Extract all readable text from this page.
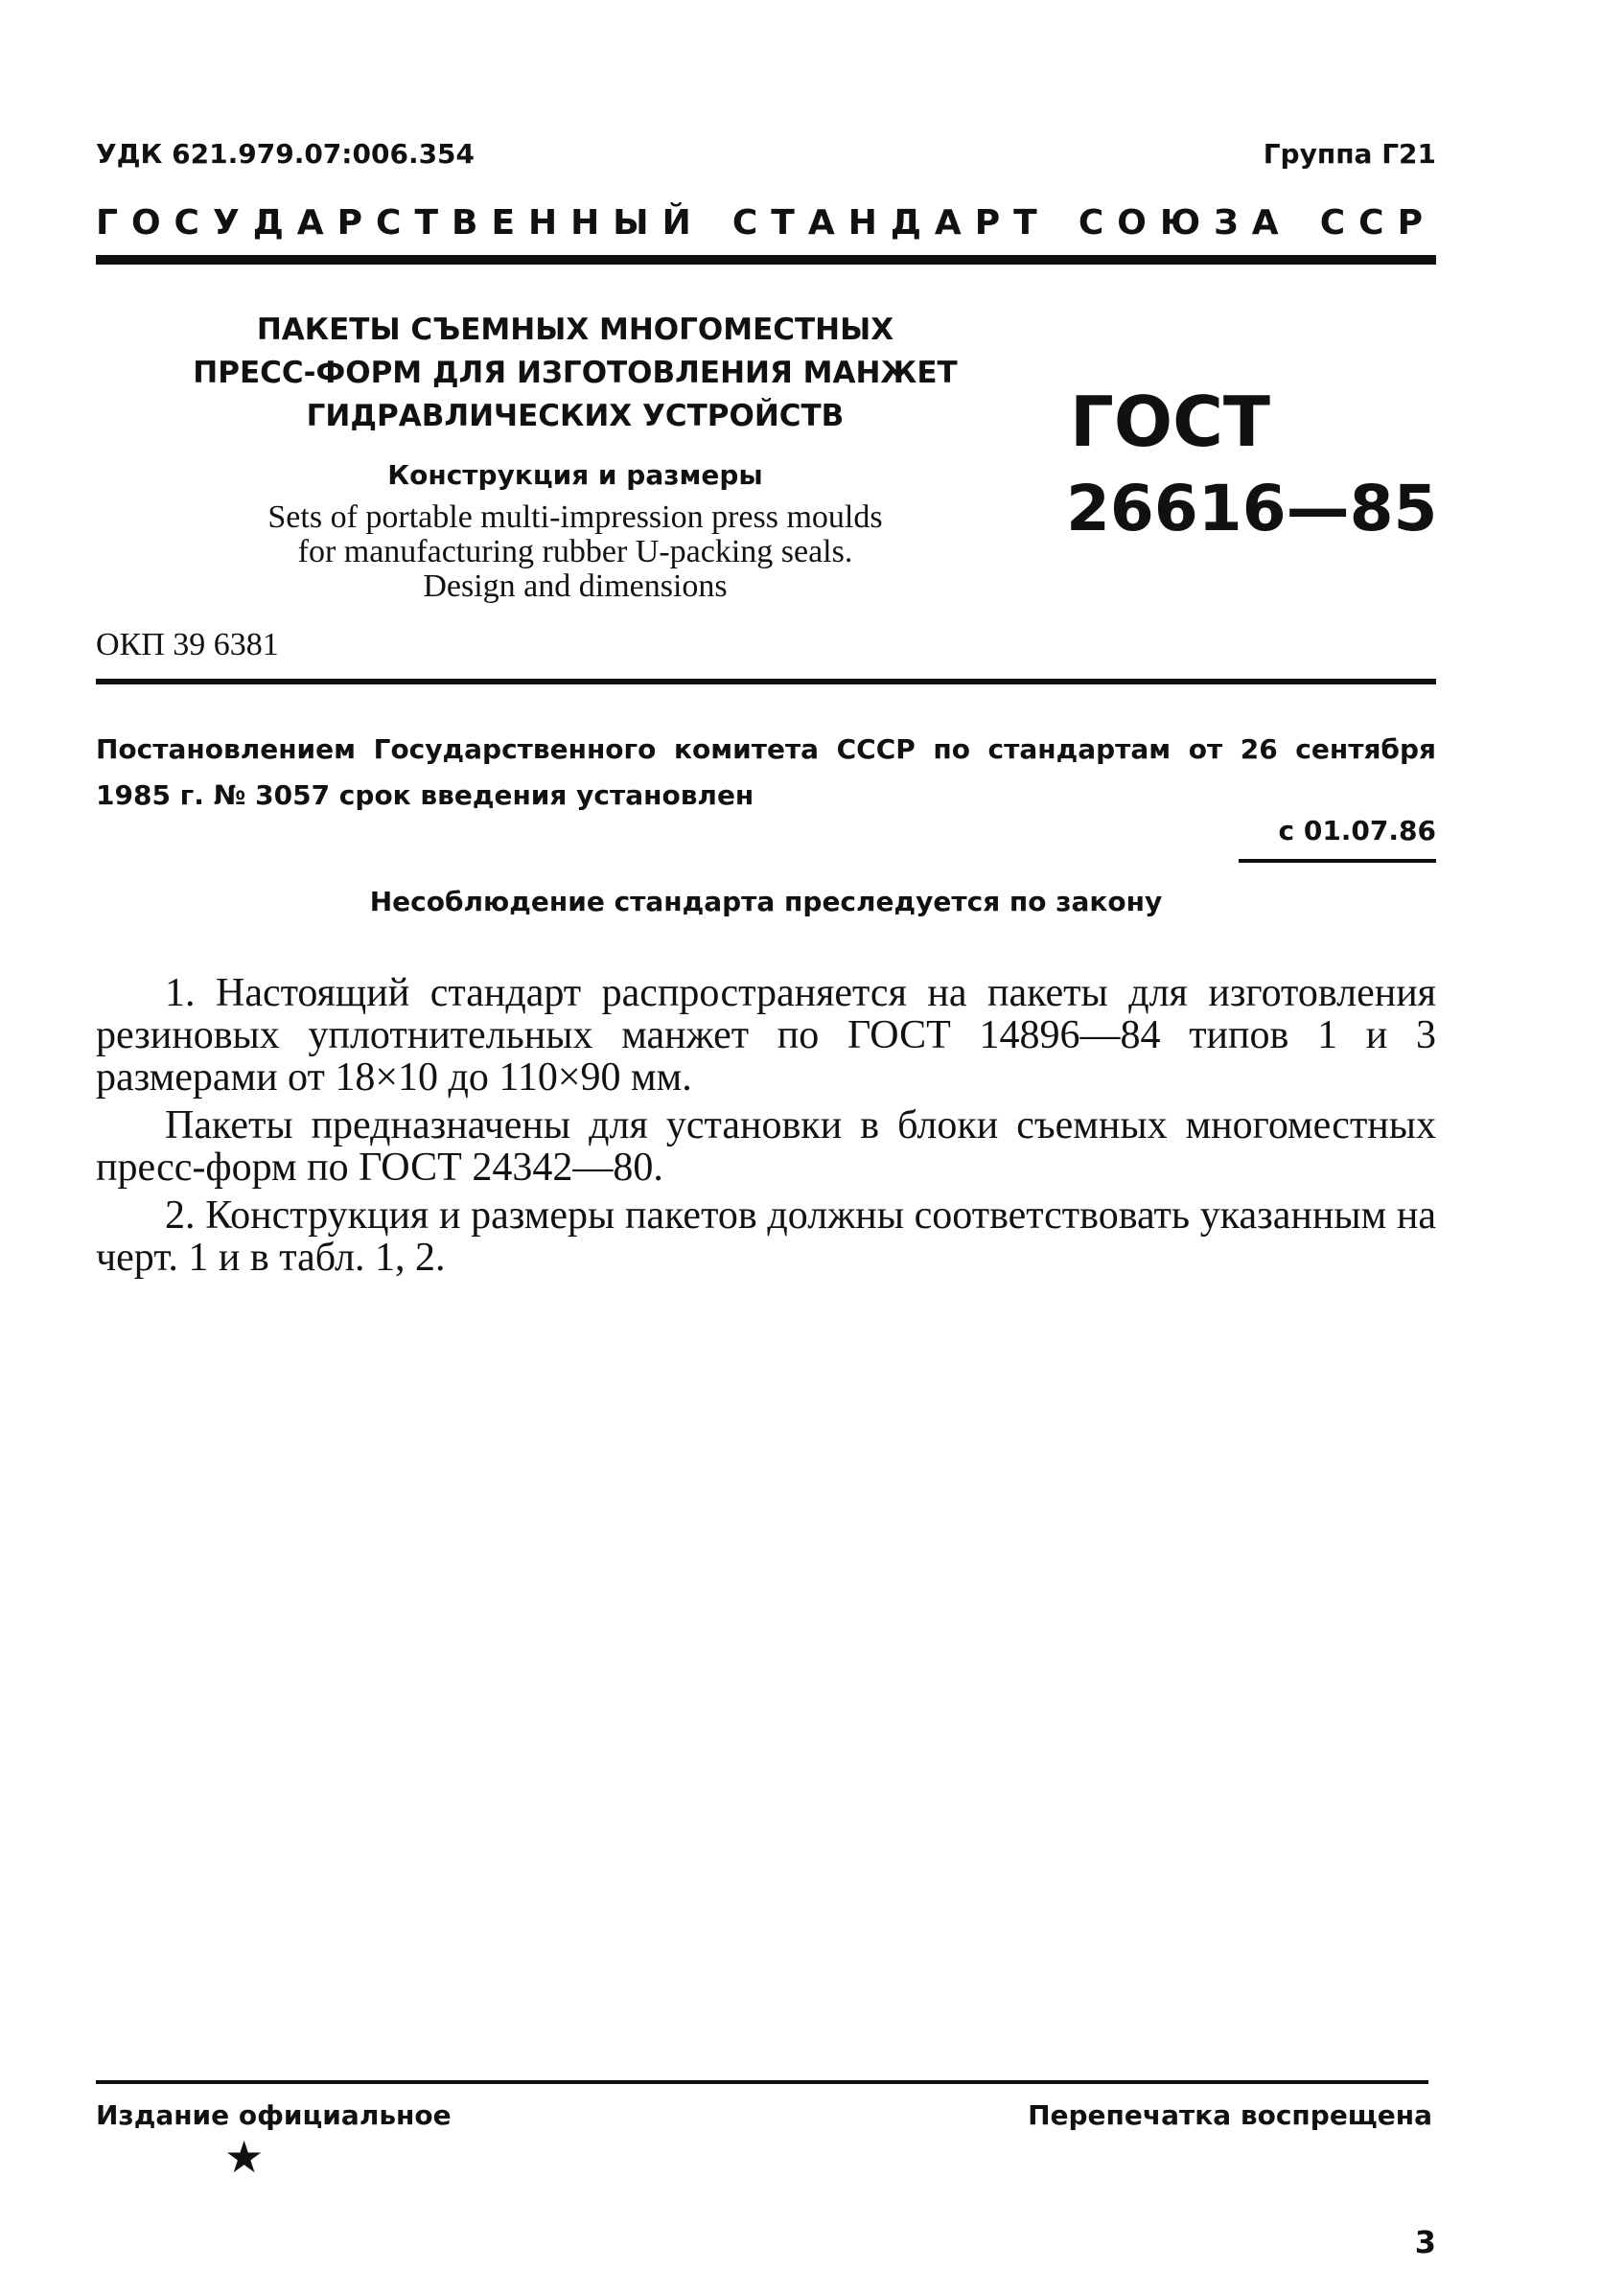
УДК 621.979.07:006.354	Группа Г21
ГОСУДАРСТВЕННЫЙ СТАНДАРТ СОЮЗА ССР
ПАКЕТЫ СЪЕМНЫХ МНОГОМЕСТНЫХ
ПРЕСС-ФОРМ ДЛЯ ИЗГОТОВЛЕНИЯ МАНЖЕТ
ГИДРАВЛИЧЕСКИХ УСТРОЙСТВ
Конструкция и размеры
Sets of portable multi-impression press moulds
for manufacturing rubber U-packing seals.
Design and dimensions
ГОСТ
26616—85
ОКП 39 6381
Постановлением Государственного комитета СССР по стандартам от 26 сентября 1985 г. № 3057 срок введения установлен
с 01.07.86
Несоблюдение стандарта преследуется по закону

1. Настоящий стандарт распространяется на пакеты для изготовления резиновых уплотнительных манжет по ГОСТ 14896—84 типов 1 и 3 размерами от 18×10 до 110×90 мм.

Пакеты предназначены для установки в блоки съемных многоместных пресс-форм по ГОСТ 24342—80.

2. Конструкция и размеры пакетов должны соответствовать указанным на черт. 1 и в табл. 1, 2.

Издание официальное	Перепечатка воспрещена
★
3
